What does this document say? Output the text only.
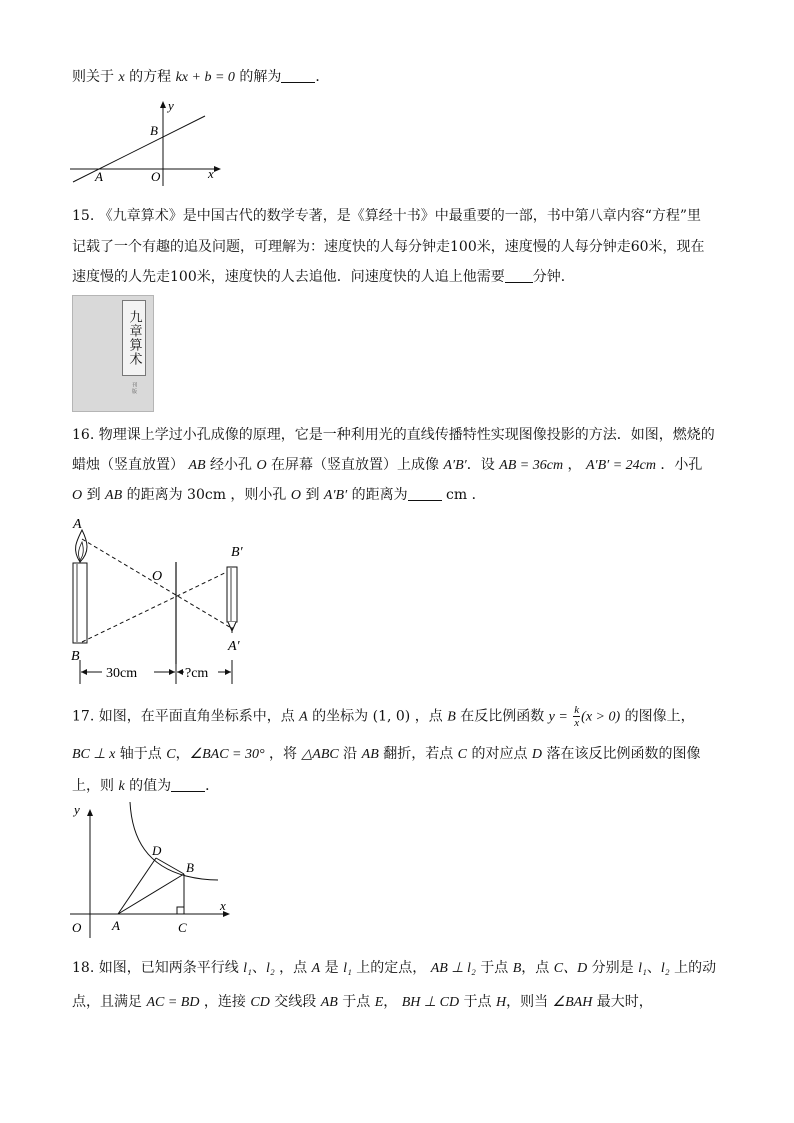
则关于 x 的方程 kx + b = 0 的解为 ．
y
x
B
A	O
15. 《九章算术》是中国古代的数学专著，是《算经十书》中最重要的一部，书中第八章内容“方程”里
记载了一个有趣的追及问题，可理解为：速度快的人每分钟走100米，速度慢的人每分钟走60米，现在
速度慢的人先走100米，速度快的人去追他．问速度快的人追上他需要 分钟．
九章算术
刊 版
16. 物理课上学过小孔成像的原理，它是一种利用光的直线传播特性实现图像投影的方法．如图，燃烧的
蜡烛（竖直放置） AB 经小孔 O 在屏幕（竖直放置）上成像 A′B′．设 AB = 36cm ， A′B′ = 24cm ．小孔
O 到 AB 的距离为 30cm ，则小孔 O 到 A′B′ 的距离为 cm ．
A
B
O
B′
A′
30cm	?cm
17. 如图，在平面直角坐标系中，点 A 的坐标为 (1, 0) ，点 B 在反比例函数 $y = \frac{k}{x} (x > 0)$ 的图像上，
BC ⊥ x 轴于点 C，∠BAC = 30° ，将 △ABC 沿 AB 翻折，若点 C 的对应点 D 落在该反比例函数的图像
上，则 k 的值为 ．
y
x
O A	C
B
D
18. 如图，已知两条平行线 l₁、l₂ ，点 A 是 l₁ 上的定点， AB ⊥ l₂ 于点 B，点 C、D 分别是 l₁、l₂ 上的动
点，且满足 AC = BD ，连接 CD 交线段 AB 于点 E， BH ⊥ CD 于点 H，则当 ∠BAH 最大时，
